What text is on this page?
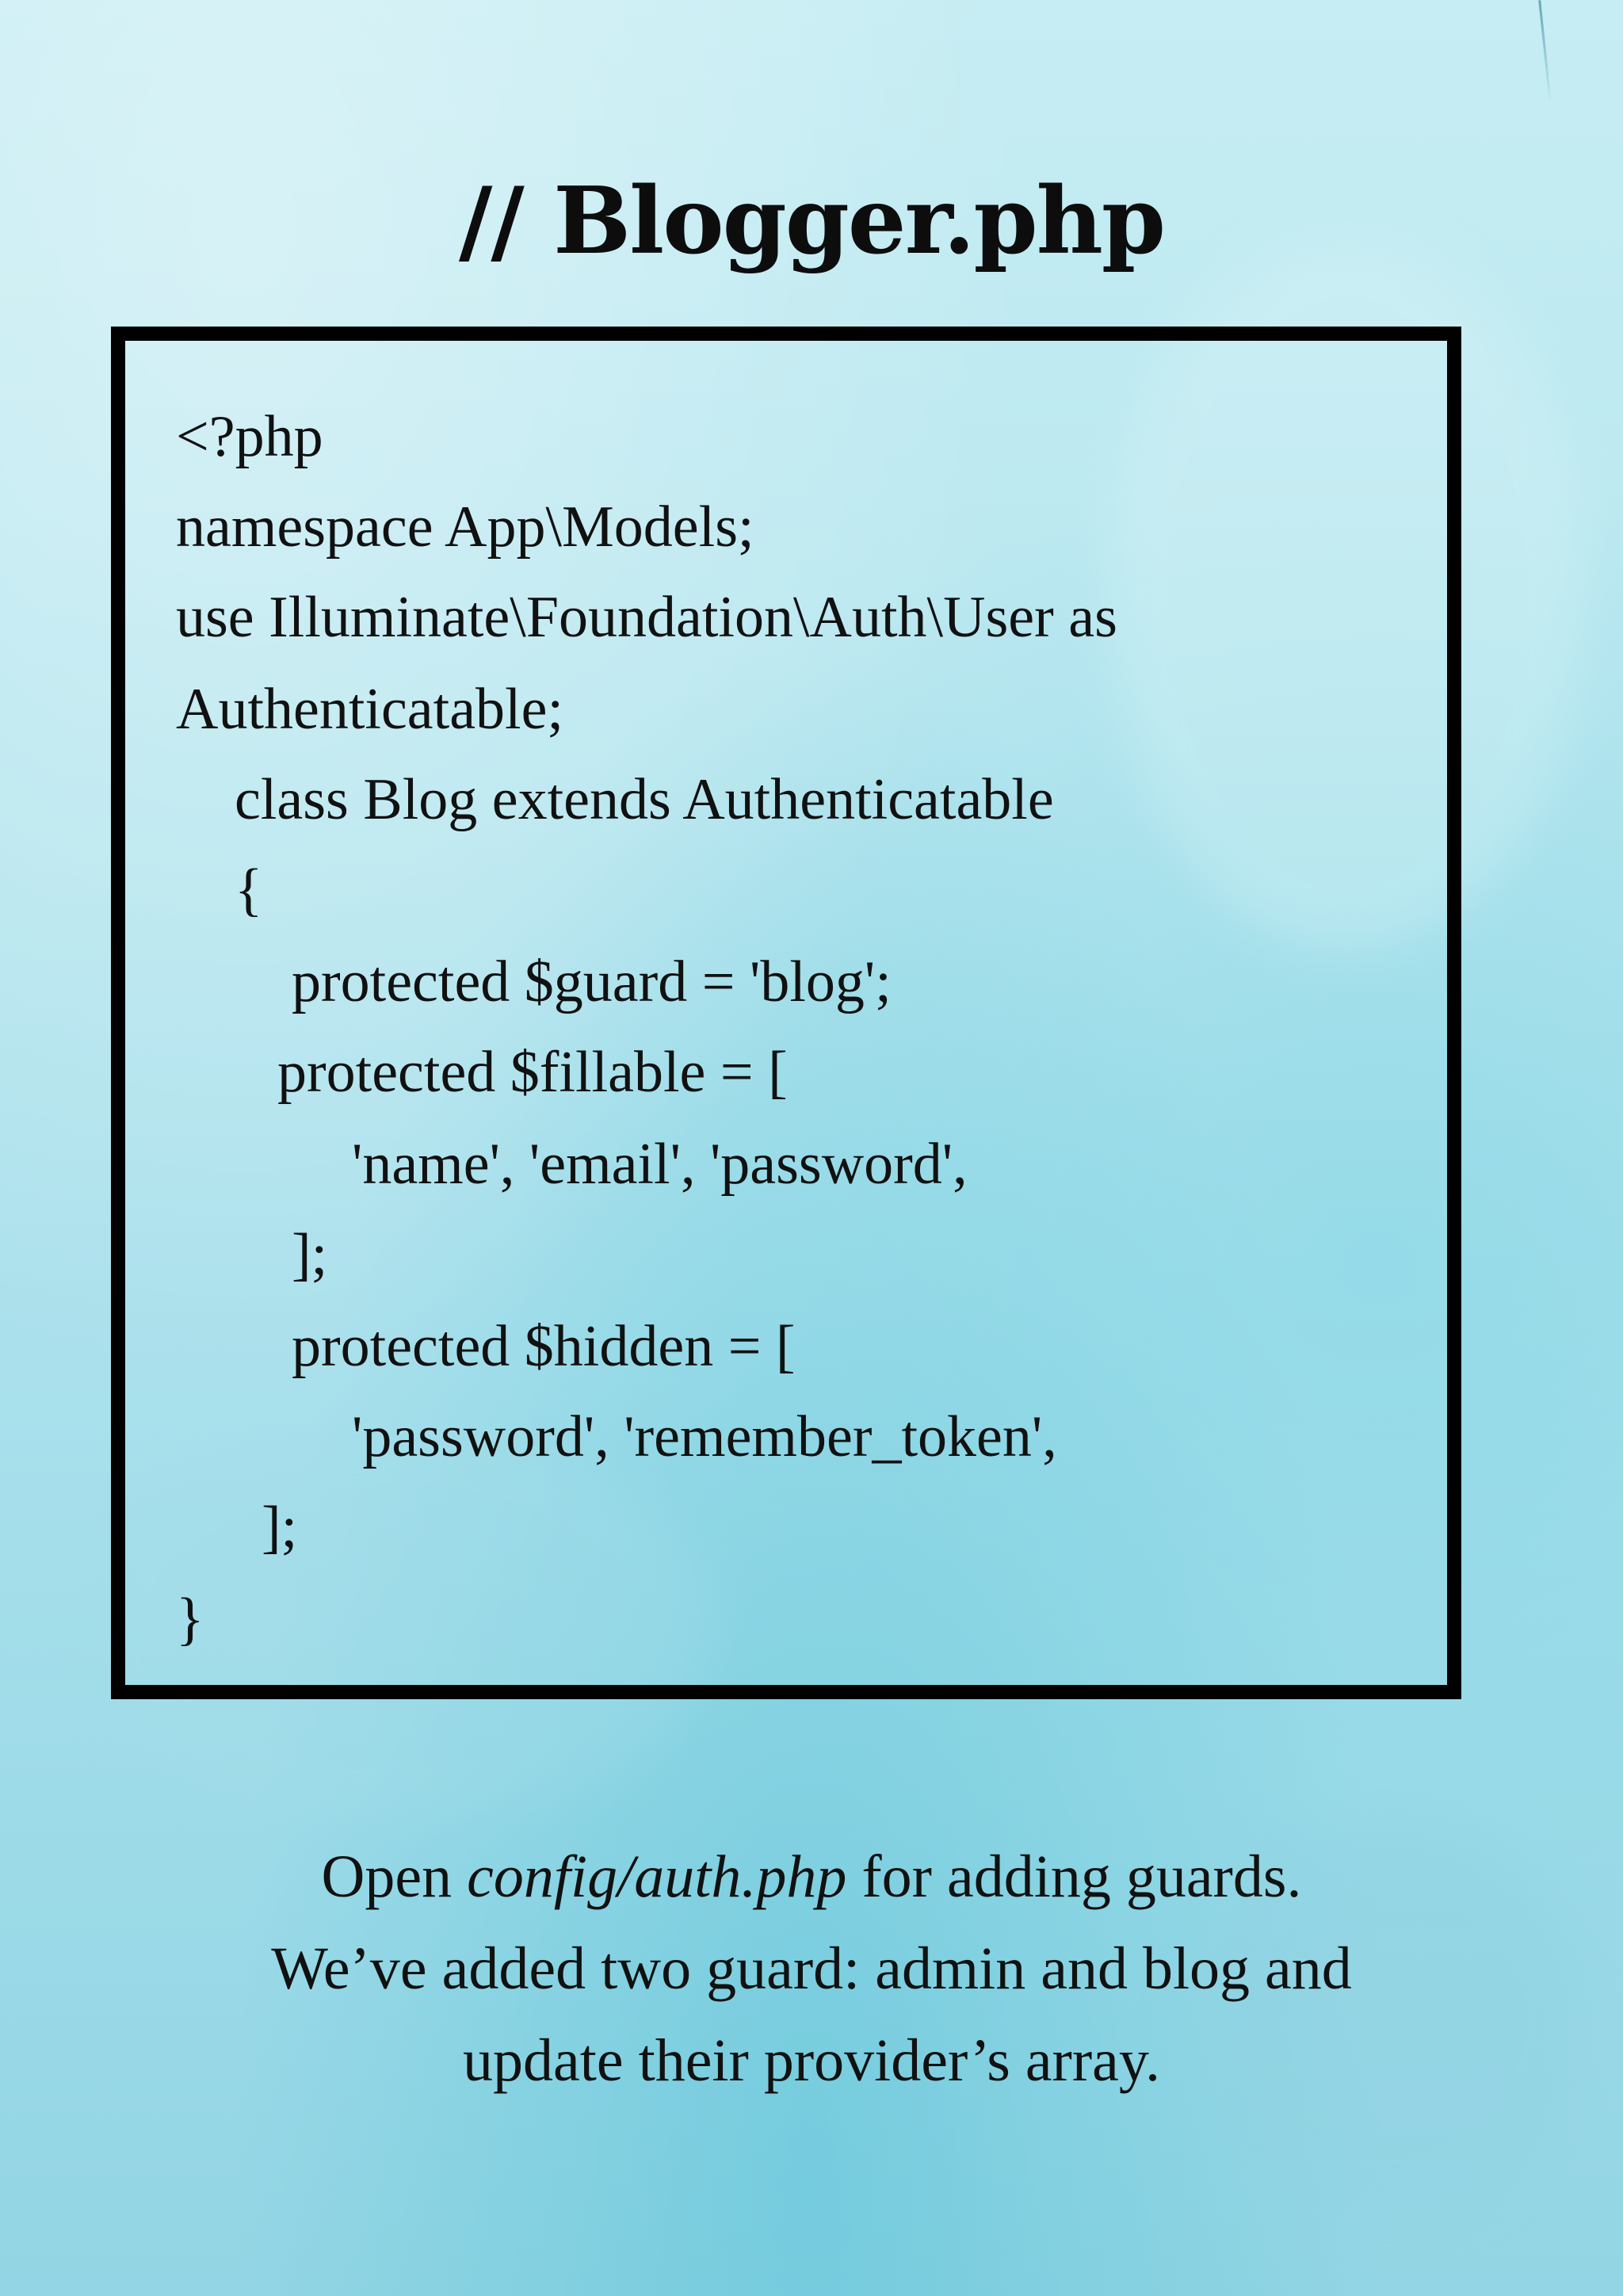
// Blogger.php
<?php
namespace App\Models;
use Illuminate\Foundation\Auth\User as
Authenticatable;
class Blog extends Authenticatable
{
protected $guard = 'blog';
protected $fillable = [
'name', 'email', 'password',
];
protected $hidden = [
'password', 'remember_token',
];
}
Open config/auth.php for adding guards.
We’ve added two guard: admin and blog and
update their provider’s array.
